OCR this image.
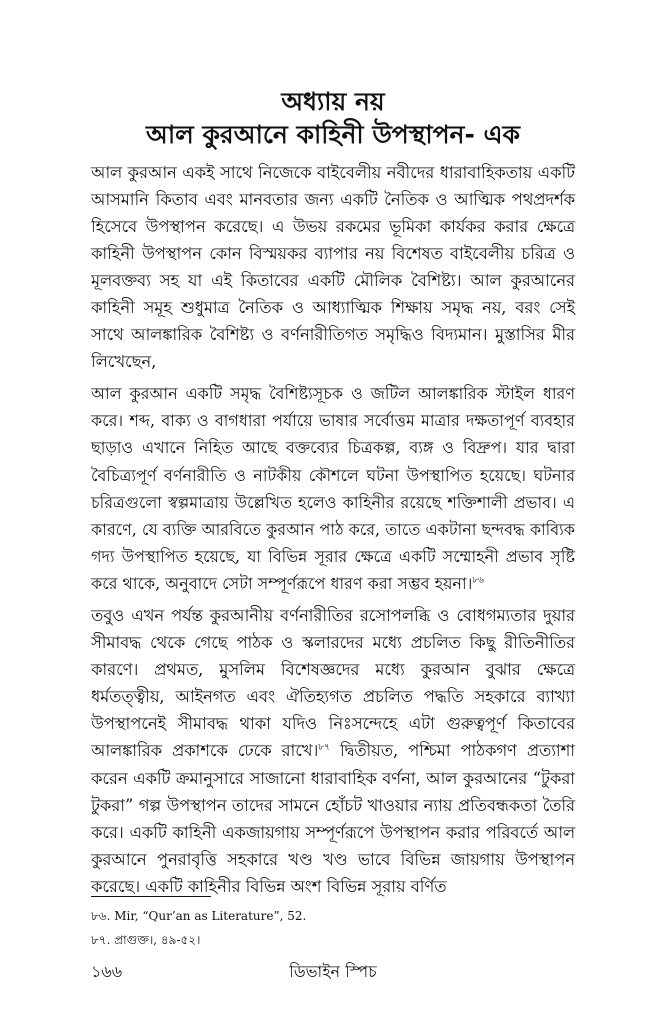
অধ্যায় নয়
আল কুরআনে কাহিনী উপস্থাপন- এক

আল কুরআন একই সাথে নিজেকে বাইবেলীয় নবীদের ধারাবাহিকতায় একটি আসমানি কিতাব এবং মানবতার জন্য একটি নৈতিক ও আত্মিক পথপ্রদর্শক হিসেবে উপস্থাপন করেছে। এ উভয় রকমের ভূমিকা কার্যকর করার ক্ষেত্রে কাহিনী উপস্থাপন কোন বিস্ময়কর ব্যাপার নয় বিশেষত বাইবেলীয় চরিত্র ও মূলবক্তব্য সহ যা এই কিতাবের একটি মৌলিক বৈশিষ্ট্য। আল কুরআনের কাহিনী সমূহ শুধুমাত্র নৈতিক ও আধ্যাত্মিক শিক্ষায় সমৃদ্ধ নয়, বরং সেই সাথে আলঙ্কারিক বৈশিষ্ট্য ও বর্ণনারীতিগত সমৃদ্ধিও বিদ্যমান। মুস্তাসির মীর লিখেছেন,

আল কুরআন একটি সমৃদ্ধ বৈশিষ্ট্যসূচক ও জটিল আলঙ্কারিক স্টাইল ধারণ করে। শব্দ, বাক্য ও বাগধারা পর্যায়ে ভাষার সর্বোত্তম মাত্রার দক্ষতাপূর্ণ ব্যবহার ছাড়াও এখানে নিহিত আছে বক্তব্যের চিত্রকল্প, ব্যঙ্গ ও বিদ্রুপ। যার দ্বারা বৈচিত্র্যপূর্ণ বর্ণনারীতি ও নাটকীয় কৌশলে ঘটনা উপস্থাপিত হয়েছে। ঘটনার চরিত্রগুলো স্বল্পমাত্রায় উল্লেখিত হলেও কাহিনীর রয়েছে শক্তিশালী প্রভাব। এ কারণে, যে ব্যক্তি আরবিতে কুরআন পাঠ করে, তাতে একটানা ছন্দবদ্ধ কাব্যিক গদ্য উপস্থাপিত হয়েছে, যা বিভিন্ন সূরার ক্ষেত্রে একটি সম্মোহনী প্রভাব সৃষ্টি করে থাকে, অনুবাদে সেটা সম্পূর্ণরূপে ধারণ করা সম্ভব হয়না।$^{৮৬}$

তবুও এখন পর্যন্ত কুরআনীয় বর্ণনারীতির রসোপলব্ধি ও বোধগম্যতার দুয়ার সীমাবদ্ধ থেকে গেছে পাঠক ও স্কলারদের মধ্যে প্রচলিত কিছু রীতিনীতির কারণে। প্রথমত, মুসলিম বিশেষজ্ঞদের মধ্যে কুরআন বুঝার ক্ষেত্রে ধর্মতত্ত্বীয়, আইনগত এবং ঐতিহ্যগত প্রচলিত পদ্ধতি সহকারে ব্যাখ্যা উপস্থাপনেই সীমাবদ্ধ থাকা যদিও নিঃসন্দেহে এটা গুরুত্বপূর্ণ কিতাবের আলঙ্কারিক প্রকাশকে ঢেকে রাখে।$^{৮৭}$ দ্বিতীয়ত, পশ্চিমা পাঠকগণ প্রত্যাশা করেন একটি ক্রমানুসারে সাজানো ধারাবাহিক বর্ণনা, আল কুরআনের “টুকরা টুকরা” গল্প উপস্থাপন তাদের সামনে হোঁচট খাওয়ার ন্যায় প্রতিবন্ধকতা তৈরি করে। একটি কাহিনী একজায়গায় সম্পূর্ণরূপে উপস্থাপন করার পরিবর্তে আল কুরআনে পুনরাবৃত্তি সহকারে খণ্ড খণ্ড ভাবে বিভিন্ন জায়গায় উপস্থাপন করেছে। একটি কাহিনীর বিভিন্ন অংশ বিভিন্ন সূরায় বর্ণিত

৮৬. Mir, “Qur’an as Literature”, 52.

৮৭. প্রাগুক্ত।, ৪৯-৫২।

১৬৬	ডিভাইন স্পিচ
